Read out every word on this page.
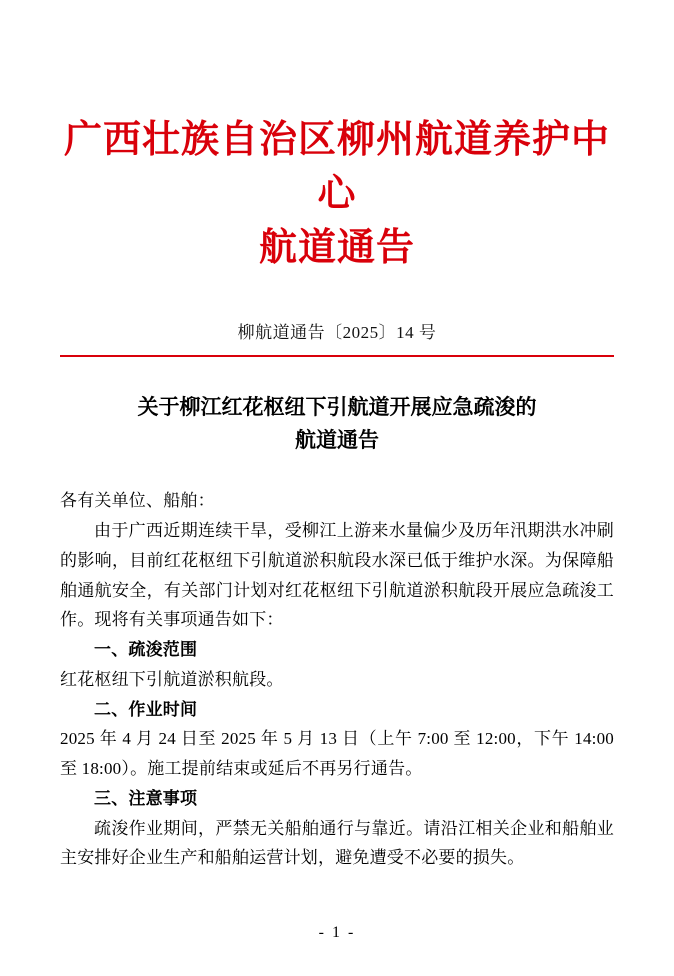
广西壮族自治区柳州航道养护中心
航道通告
柳航道通告〔2025〕14 号
关于柳江红花枢纽下引航道开展应急疏浚的
航道通告

各有关单位、船舶：

由于广西近期连续干旱，受柳江上游来水量偏少及历年汛期洪水冲刷的影响，目前红花枢纽下引航道淤积航段水深已低于维护水深。为保障船舶通航安全，有关部门计划对红花枢纽下引航道淤积航段开展应急疏浚工作。现将有关事项通告如下：

一、疏浚范围

红花枢纽下引航道淤积航段。

二、作业时间

2025 年 4 月 24 日至 2025 年 5 月 13 日（上午 7:00 至 12:00，下午 14:00 至 18:00）。施工提前结束或延后不再另行通告。

三、注意事项

疏浚作业期间，严禁无关船舶通行与靠近。请沿江相关企业和船舶业主安排好企业生产和船舶运营计划，避免遭受不必要的损失。

- 1 -
